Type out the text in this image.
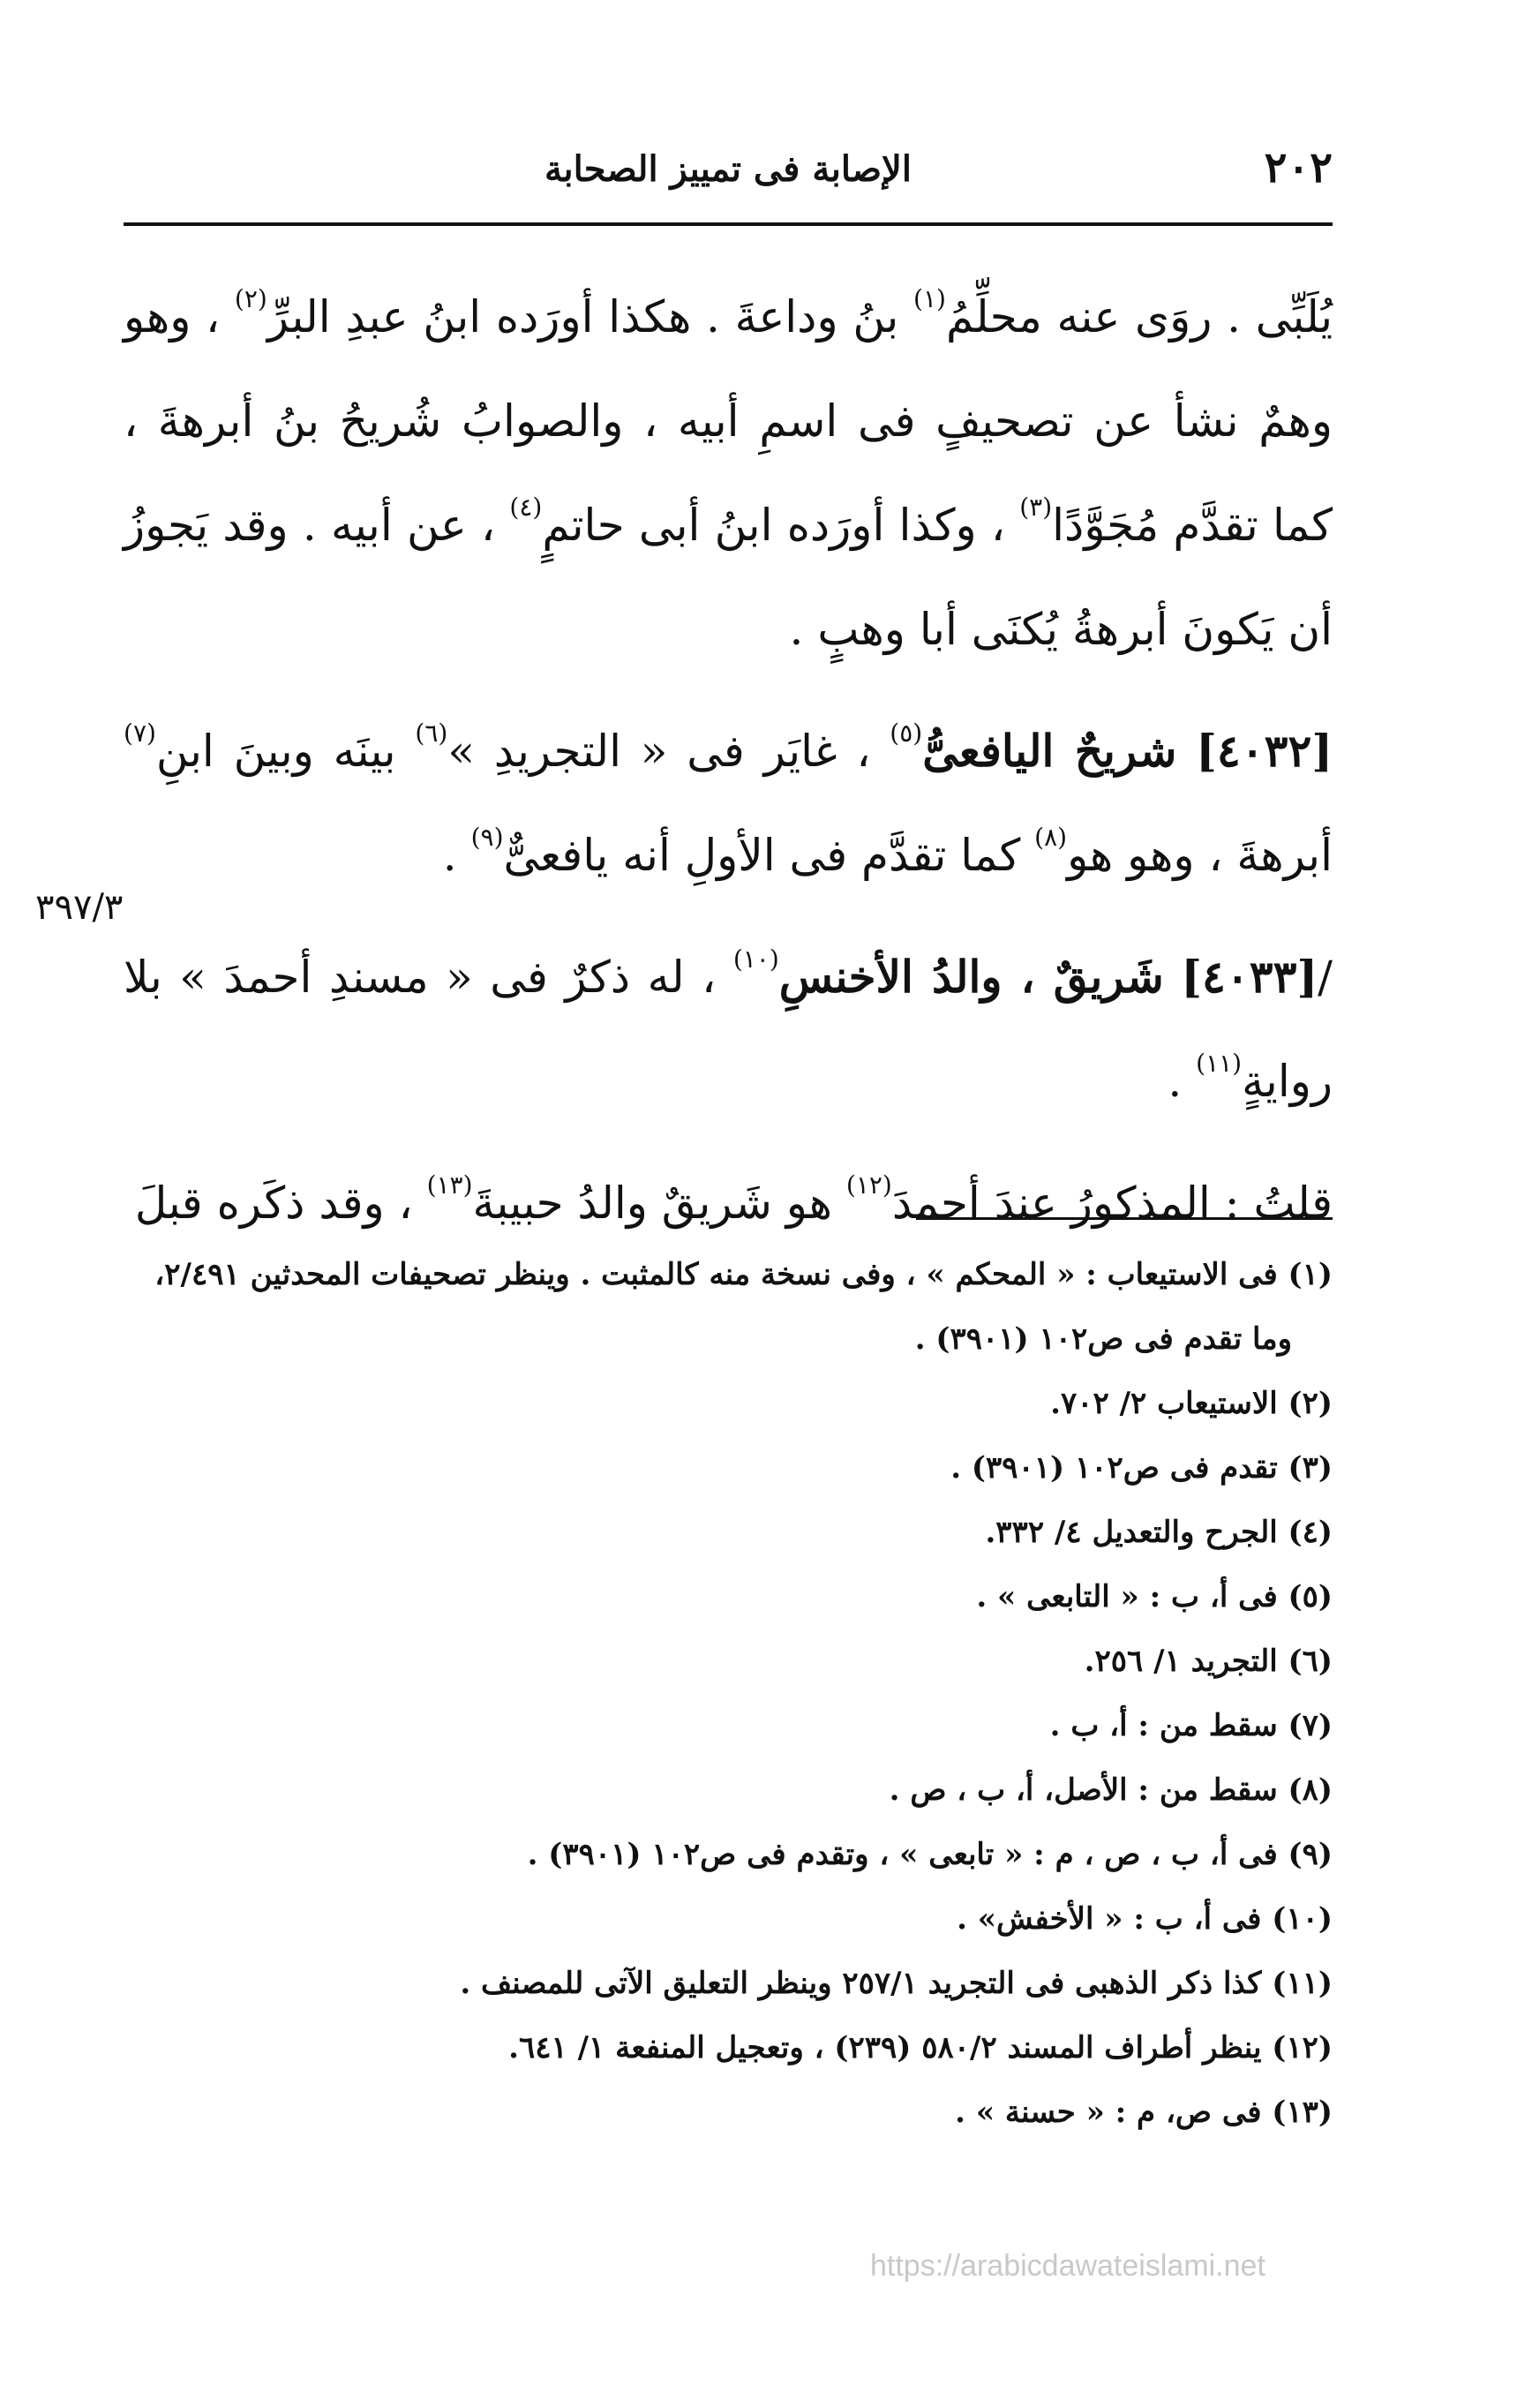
٢٠٢
الإصابة فى تمييز الصحابة

يُلَبِّى . روَى عنه محلِّمُ$^{(١)}$ بنُ وداعةَ . هكذا أورَده ابنُ عبدِ البرِّ$^{(٢)}$ ، وهو وهمٌ نشأ عن تصحيفٍ فى اسمِ أبيه ، والصوابُ شُريحُ بنُ أبرهةَ ، كما تقدَّم مُجَوَّدًا$^{(٣)}$ ، وكذا أورَده ابنُ أبى حاتمٍ$^{(٤)}$ ، عن أبيه . وقد يَجوزُ أن يَكونَ أبرهةُ يُكنَى أبا وهبٍ .

[٤٠٣٢] شريحٌ اليافعىُّ$^{(٥)}$ ، غايَر فى « التجريدِ »$^{(٦)}$ بينَه وبينَ ابنِ$^{(٧)}$ أبرهةَ ، وهو هو$^{(٨)}$ كما تقدَّم فى الأولِ أنه يافعىٌّ$^{(٩)}$ .

/[٤٠٣٣] شَريقٌ ، والدُ الأخنسِ$^{(١٠)}$ ، له ذكرٌ فى « مسندِ أحمدَ » بلا روايةٍ$^{(١١)}$ .

قلتُ : المذكورُ عندَ أحمدَ$^{(١٢)}$ هو شَريقٌ والدُ حبيبةَ$^{(١٣)}$ ، وقد ذكَره قبلَ

٣٩٧/٣
(١) فى الاستيعاب : « المحكم » ، وفى نسخة منه كالمثبت . وينظر تصحيفات المحدثين ٢/٤٩١،
وما تقدم فى ص١٠٢ (٣٩٠١) .
(٢) الاستيعاب ٢/ ٧٠٢.
(٣) تقدم فى ص١٠٢ (٣٩٠١) .
(٤) الجرح والتعديل ٤/ ٣٣٢.
(٥) فى أ، ب : « التابعى » .
(٦) التجريد ١/ ٢٥٦.
(٧) سقط من : أ، ب .
(٨) سقط من : الأصل، أ، ب ، ص .
(٩) فى أ، ب ، ص ، م : « تابعى » ، وتقدم فى ص١٠٢ (٣٩٠١) .
(١٠) فى أ، ب : « الأخفش» .
(١١) كذا ذكر الذهبى فى التجريد ٢٥٧/١ وينظر التعليق الآتى للمصنف .
(١٢) ينظر أطراف المسند ٥٨٠/٢ (٢٣٩) ، وتعجيل المنفعة ١/ ٦٤١.
(١٣) فى ص، م : « حسنة » .
https://arabicdawateislami.net
